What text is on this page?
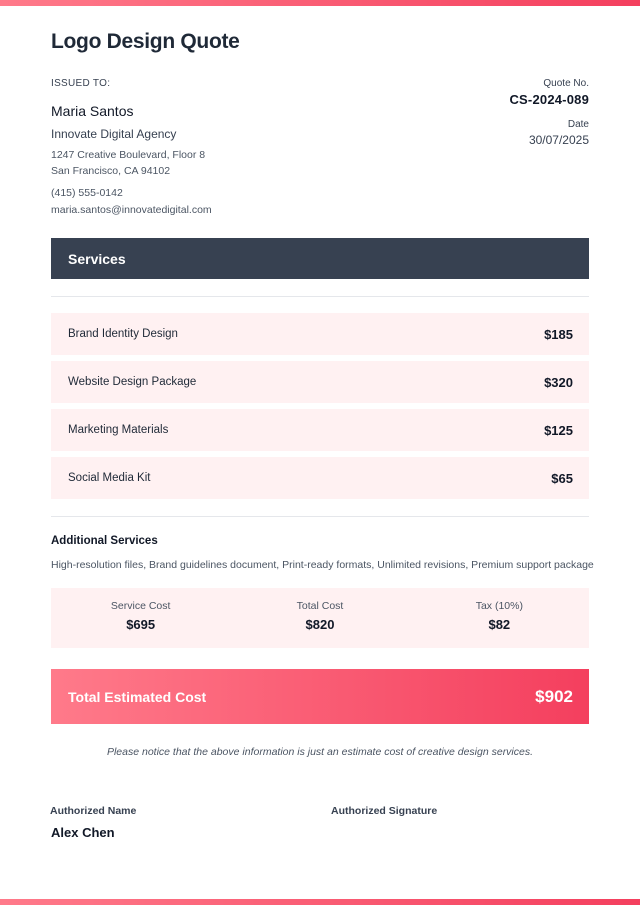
Logo Design Quote
ISSUED TO:
Maria Santos
Innovate Digital Agency
1247 Creative Boulevard, Floor 8
San Francisco, CA 94102
(415) 555-0142
maria.santos@innovatedigital.com
Quote No.
CS-2024-089
Date
30/07/2025
Services
Brand Identity Design	$185
Website Design Package	$320
Marketing Materials	$125
Social Media Kit	$65
Additional Services
High-resolution files, Brand guidelines document, Print-ready formats, Unlimited revisions, Premium support package
Service Cost
$695
Total Cost
$820
Tax (10%)
$82
Total Estimated Cost	$902
Please notice that the above information is just an estimate cost of creative design services.
Authorized Name	Authorized Signature
Alex Chen
